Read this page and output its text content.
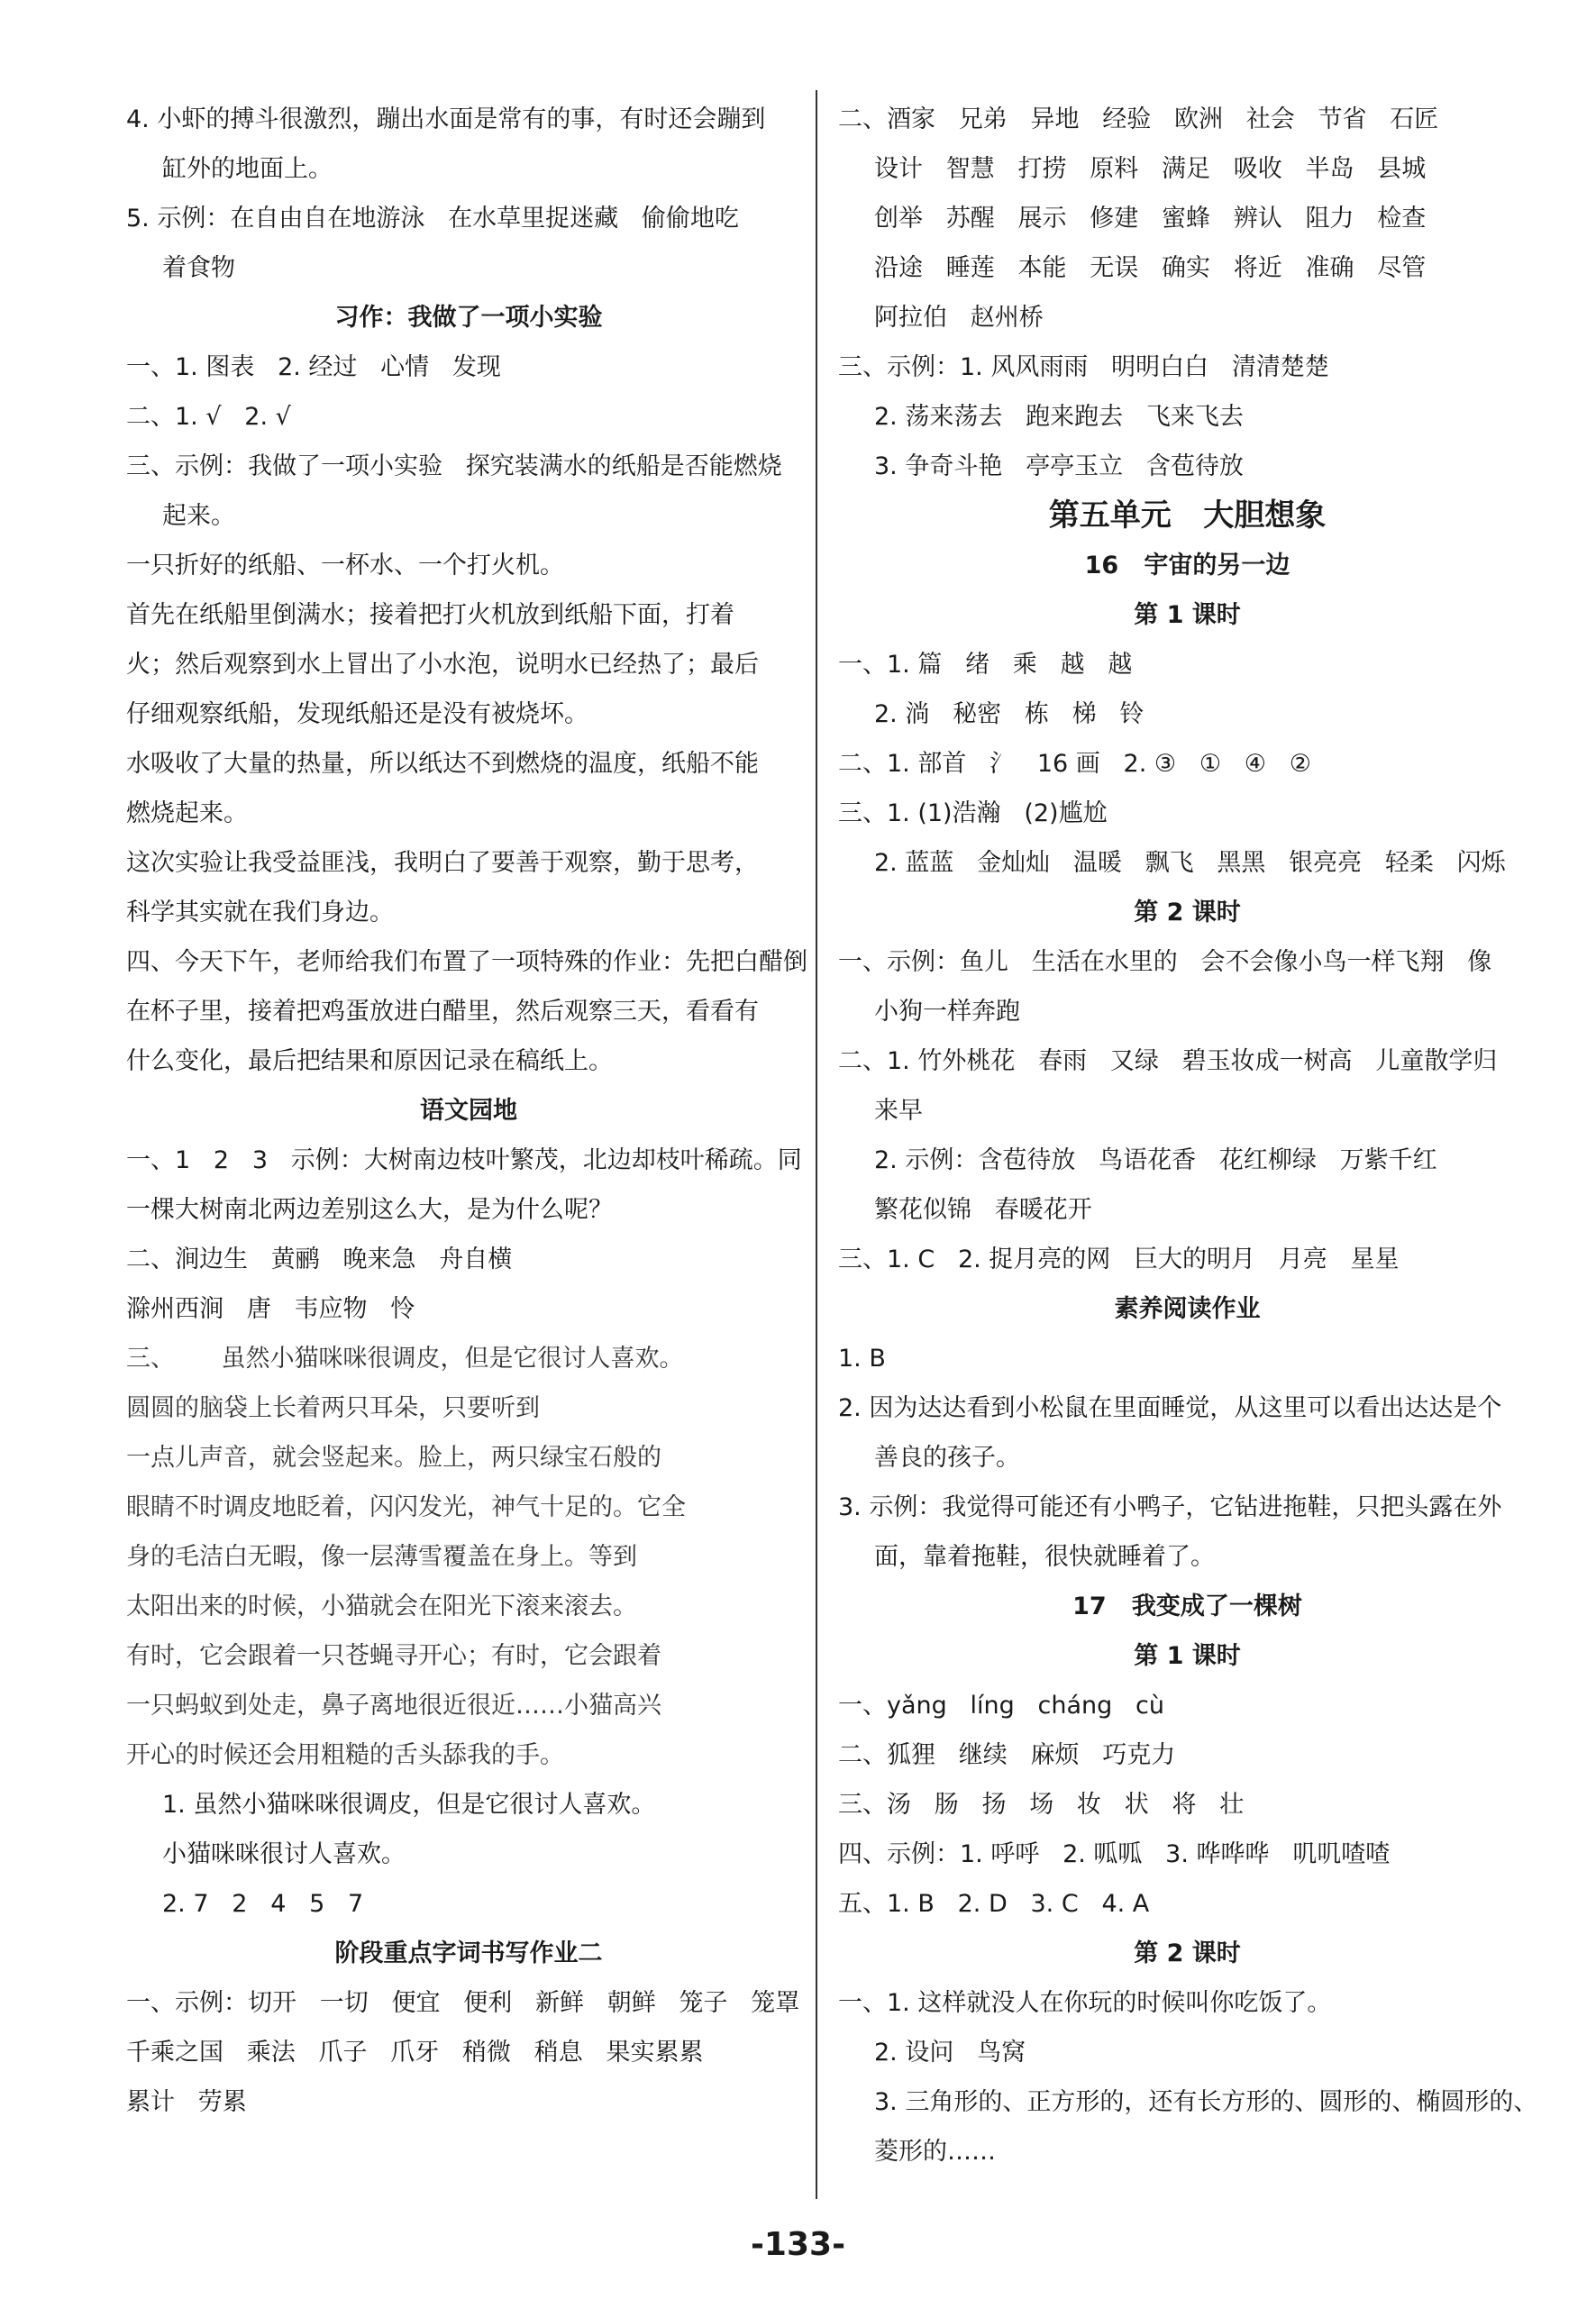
4. 小虾的搏斗很激烈，蹦出水面是常有的事，有时还会蹦到
缸外的地面上。
5. 示例：在自由自在地游泳   在水草里捉迷藏   偷偷地吃
着食物
习作：我做了一项小实验
一、1. 图表   2. 经过   心情   发现
二、1. √   2. √
三、示例：我做了一项小实验   探究装满水的纸船是否能燃烧
起来。
一只折好的纸船、一杯水、一个打火机。
首先在纸船里倒满水；接着把打火机放到纸船下面，打着
火；然后观察到水上冒出了小水泡，说明水已经热了；最后
仔细观察纸船，发现纸船还是没有被烧坏。
水吸收了大量的热量，所以纸达不到燃烧的温度，纸船不能
燃烧起来。
这次实验让我受益匪浅，我明白了要善于观察，勤于思考，
科学其实就在我们身边。
四、今天下午，老师给我们布置了一项特殊的作业：先把白醋倒
在杯子里，接着把鸡蛋放进白醋里，然后观察三天，看看有
什么变化，最后把结果和原因记录在稿纸上。
语文园地
一、1   2   3   示例：大树南边枝叶繁茂，北边却枝叶稀疏。同
一棵大树南北两边差别这么大，是为什么呢？
二、涧边生   黄鹂   晚来急   舟自横
滁州西涧   唐   韦应物   怜
三、      虽然小猫咪咪很调皮，但是它很讨人喜欢。
圆圆的脑袋上长着两只耳朵，只要听到
一点儿声音，就会竖起来。脸上，两只绿宝石般的
眼睛不时调皮地眨着，闪闪发光，神气十足的。它全
身的毛洁白无暇，像一层薄雪覆盖在身上。等到
太阳出来的时候，小猫就会在阳光下滚来滚去。
有时，它会跟着一只苍蝇寻开心；有时，它会跟着
一只蚂蚁到处走，鼻子离地很近很近……小猫高兴
开心的时候还会用粗糙的舌头舔我的手。
1. 虽然小猫咪咪很调皮，但是它很讨人喜欢。
小猫咪咪很讨人喜欢。
2. 7   2   4   5   7
阶段重点字词书写作业二
一、示例：切开   一切   便宜   便利   新鲜   朝鲜   笼子   笼罩
千乘之国   乘法   爪子   爪牙   稍微   稍息   果实累累
累计   劳累
二、酒家   兄弟   异地   经验   欧洲   社会   节省   石匠
设计   智慧   打捞   原料   满足   吸收   半岛   县城
创举   苏醒   展示   修建   蜜蜂   辨认   阻力   检查
沿途   睡莲   本能   无误   确实   将近   准确   尽管
阿拉伯   赵州桥
三、示例：1. 风风雨雨   明明白白   清清楚楚
2. 荡来荡去   跑来跑去   飞来飞去
3. 争奇斗艳   亭亭玉立   含苞待放
第五单元   大胆想象
16   宇宙的另一边
第 1 课时
一、1. 篇   绪   乘   越   越
2. 淌   秘密   栋   梯   铃
二、1. 部首   氵   16 画   2. ③   ①   ④   ②
三、1. (1)浩瀚   (2)尴尬
2. 蓝蓝   金灿灿   温暖   飘飞   黑黑   银亮亮   轻柔   闪烁
第 2 课时
一、示例：鱼儿   生活在水里的   会不会像小鸟一样飞翔   像
小狗一样奔跑
二、1. 竹外桃花   春雨   又绿   碧玉妆成一树高   儿童散学归
来早
2. 示例：含苞待放   鸟语花香   花红柳绿   万紫千红
繁花似锦   春暖花开
三、1. C   2. 捉月亮的网   巨大的明月   月亮   星星
素养阅读作业
1. B
2. 因为达达看到小松鼠在里面睡觉，从这里可以看出达达是个
善良的孩子。
3. 示例：我觉得可能还有小鸭子，它钻进拖鞋，只把头露在外
面，靠着拖鞋，很快就睡着了。
17   我变成了一棵树
第 1 课时
一、yǎng   líng   cháng   cù
二、狐狸   继续   麻烦   巧克力
三、汤   肠   扬   场   妆   状   将   壮
四、示例：1. 呼呼   2. 呱呱   3. 哗哗哗   叽叽喳喳
五、1. B   2. D   3. C   4. A
第 2 课时
一、1. 这样就没人在你玩的时候叫你吃饭了。
2. 设问   鸟窝
3. 三角形的、正方形的，还有长方形的、圆形的、椭圆形的、
菱形的……
-133-
